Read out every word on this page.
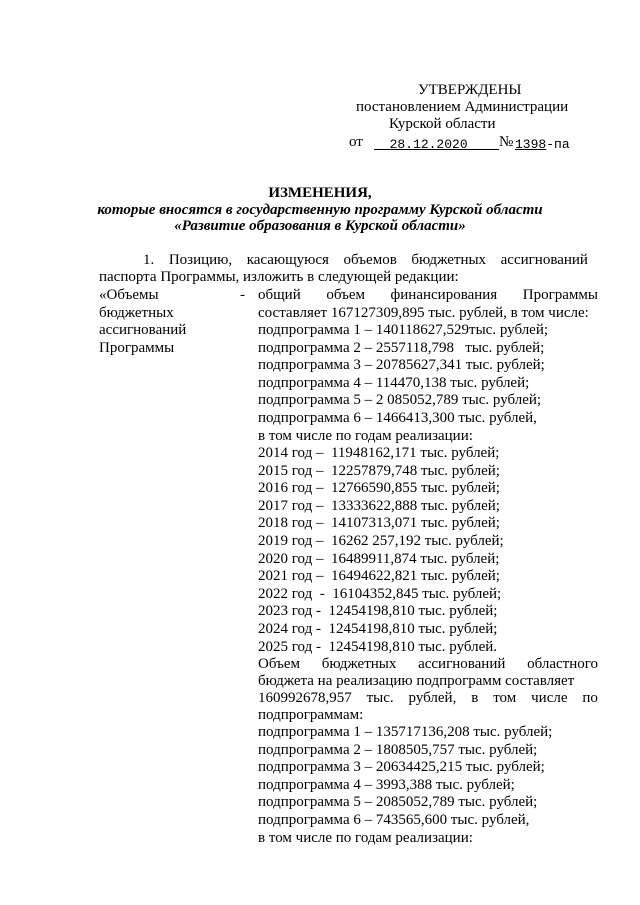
УТВЕРЖДЕНЫ
постановлением Администрации
Курской области
от	28.12.2020	№ 1398-па
ИЗМЕНЕНИЯ,
которые вносятся в государственную программу Курской области
«Развитие образования в Курской области»
1. Позицию, касающуюся объемов бюджетных ассигнований
паспорта Программы, изложить в следующей редакции:
«Объемы
бюджетных
ассигнований
Программы
- общий объем финансирования Программы
составляет 167127309,895 тыс. рублей, в том числе:
подпрограмма 1 – 140118627,529тыс. рублей;
подпрограмма 2 – 2557118,798   тыс. рублей;
подпрограмма 3 – 20785627,341 тыс. рублей;
подпрограмма 4 – 114470,138 тыс. рублей;
подпрограмма 5 – 2 085052,789 тыс. рублей;
подпрограмма 6 – 1466413,300 тыс. рублей,
в том числе по годам реализации:
2014 год –  11948162,171 тыс. рублей;
2015 год –  12257879,748 тыс. рублей;
2016 год –  12766590,855 тыс. рублей;
2017 год –  13333622,888 тыс. рублей;
2018 год –  14107313,071 тыс. рублей;
2019 год –  16262 257,192 тыс. рублей;
2020 год –  16489911,874 тыс. рублей;
2021 год –  16494622,821 тыс. рублей;
2022 год  -  16104352,845 тыс. рублей;
2023 год -  12454198,810 тыс. рублей;
2024 год -  12454198,810 тыс. рублей;
2025 год -  12454198,810 тыс. рублей.
Объем бюджетных ассигнований областного
бюджета на реализацию подпрограмм составляет
160992678,957 тыс. рублей, в том числе по
подпрограммам:
подпрограмма 1 – 135717136,208 тыс. рублей;
подпрограмма 2 – 1808505,757 тыс. рублей;
подпрограмма 3 – 20634425,215 тыс. рублей;
подпрограмма 4 – 3993,388 тыс. рублей;
подпрограмма 5 – 2085052,789 тыс. рублей;
подпрограмма 6 – 743565,600 тыс. рублей,
в том числе по годам реализации:
